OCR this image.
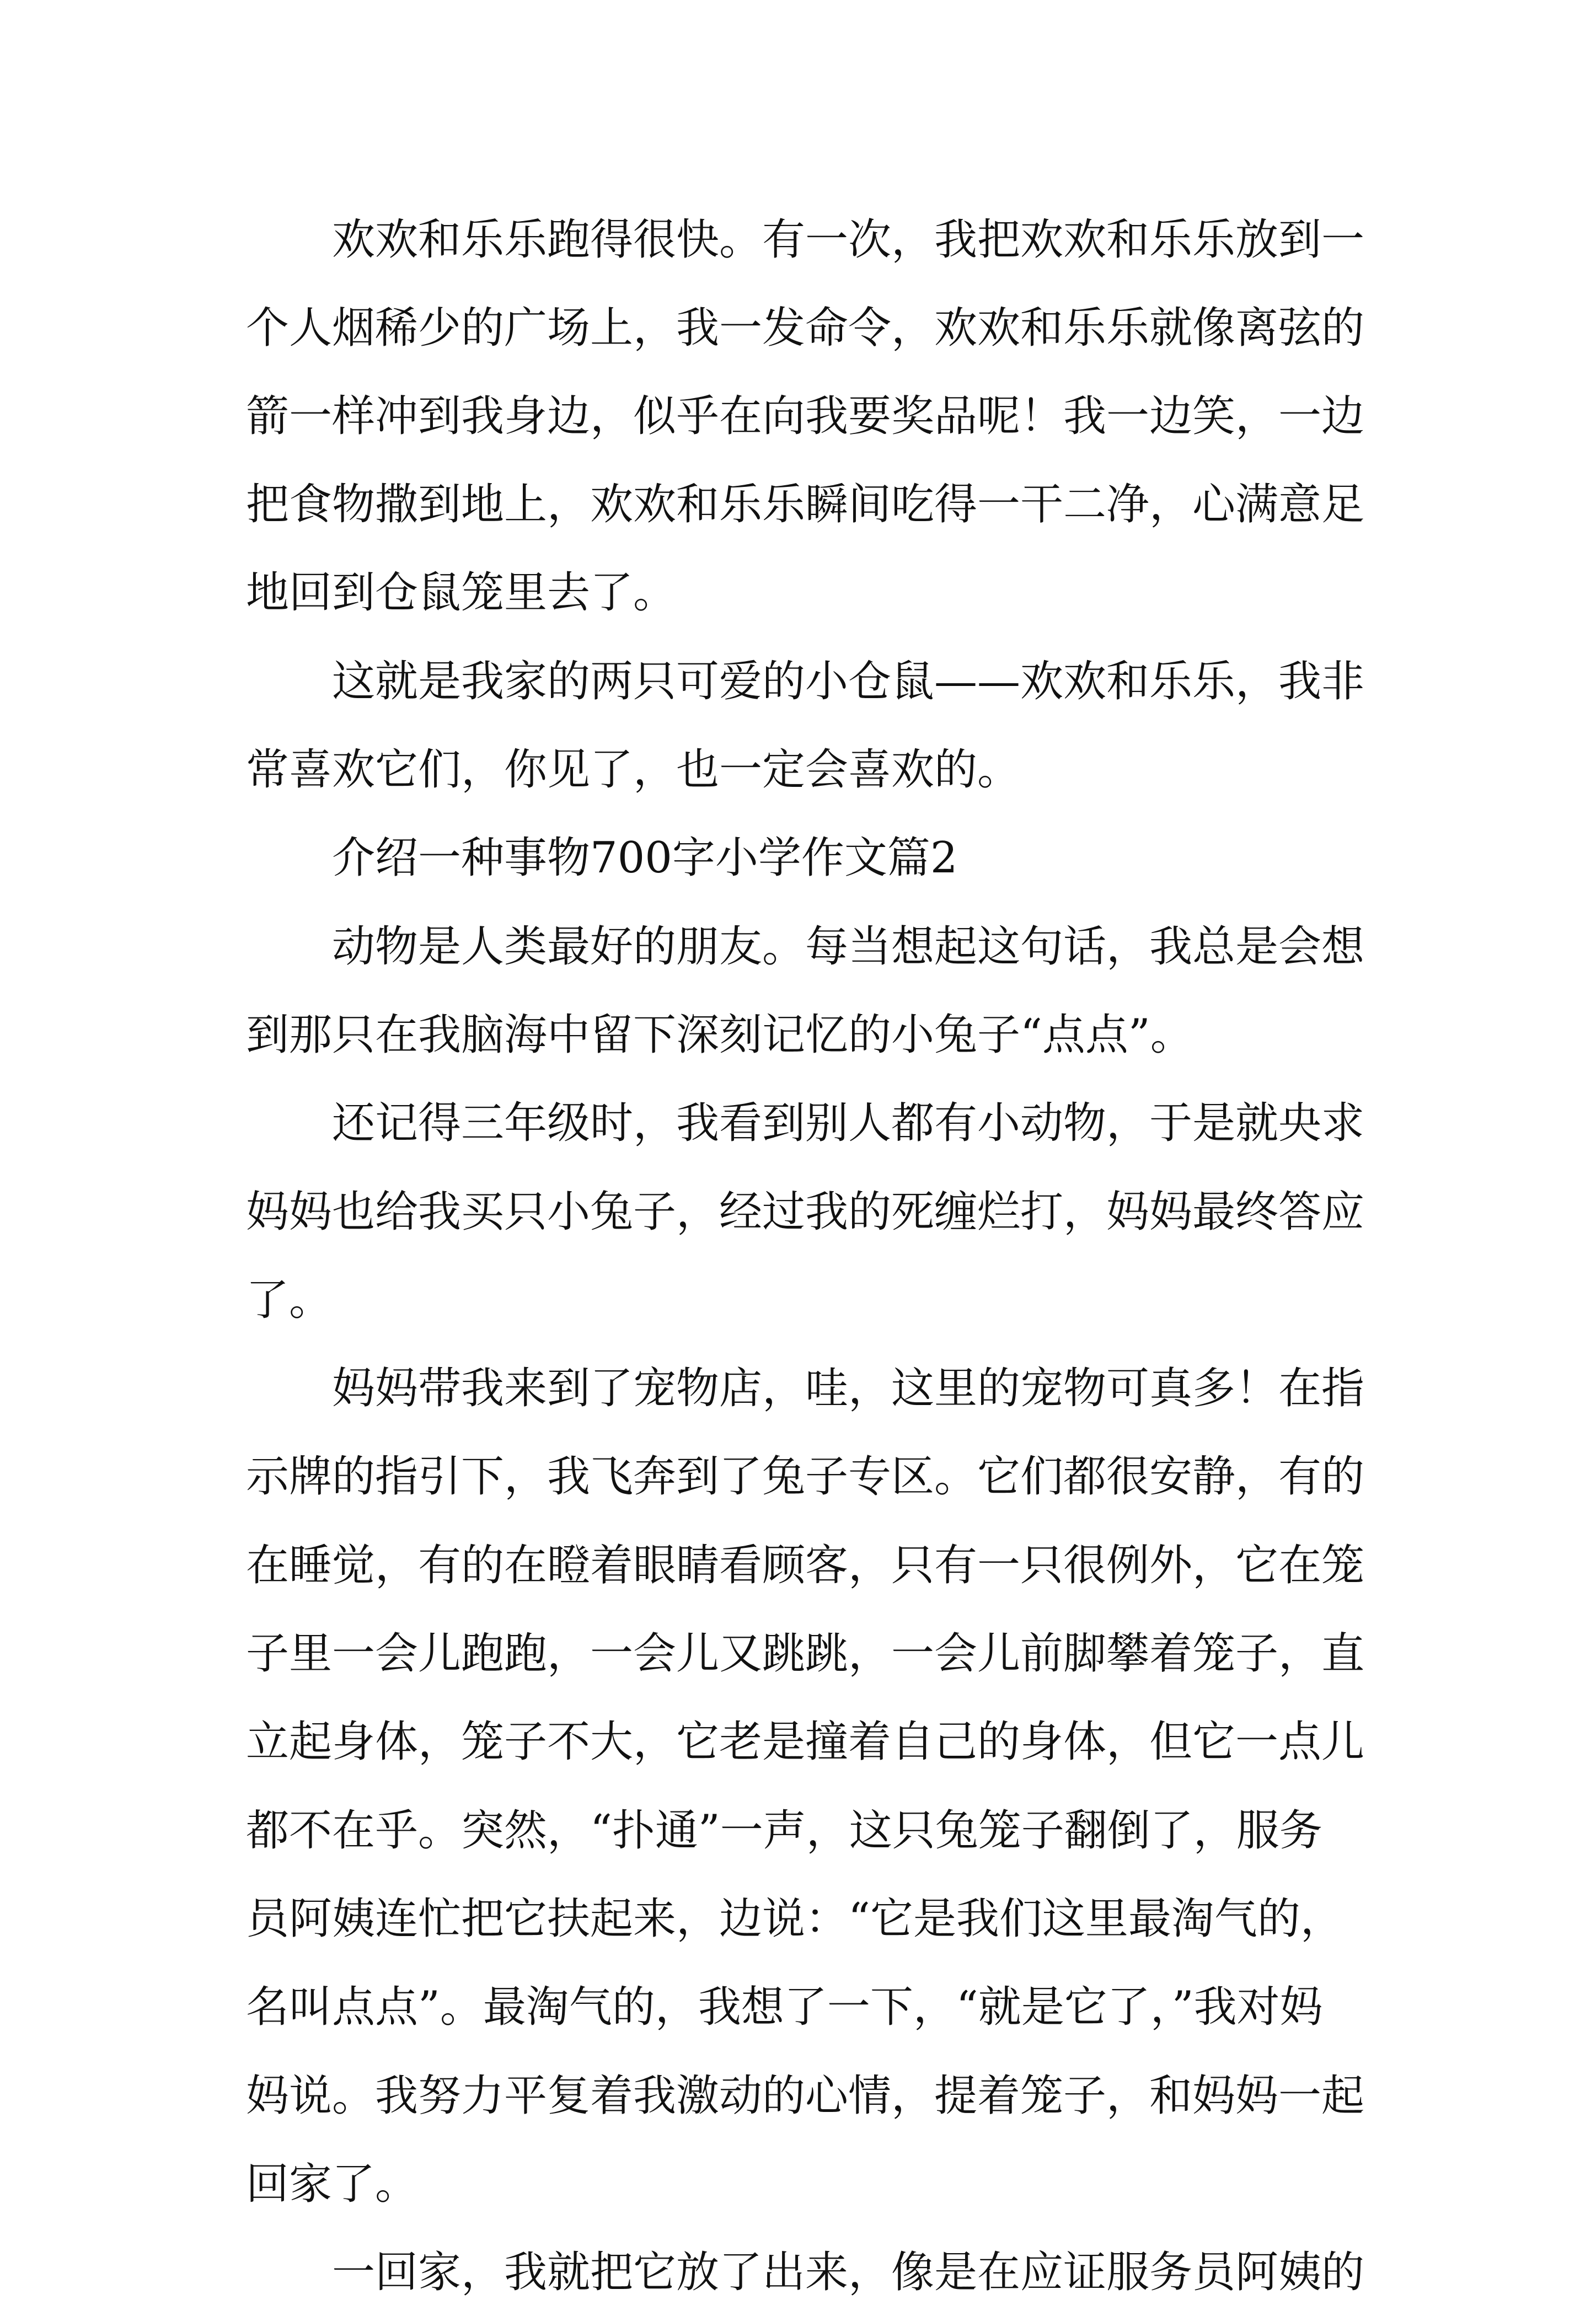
欢欢和乐乐跑得很快。有一次，我把欢欢和乐乐放到一

个人烟稀少的广场上，我一发命令，欢欢和乐乐就像离弦的

箭一样冲到我身边，似乎在向我要奖品呢！我一边笑，一边

把食物撒到地上，欢欢和乐乐瞬间吃得一干二净，心满意足

地回到仓鼠笼里去了。

这就是我家的两只可爱的小仓鼠——欢欢和乐乐，我非

常喜欢它们，你见了，也一定会喜欢的。

介绍一种事物700字小学作文篇2

动物是人类最好的朋友。每当想起这句话，我总是会想

到那只在我脑海中留下深刻记忆的小兔子“点点”。

还记得三年级时，我看到别人都有小动物，于是就央求

妈妈也给我买只小兔子，经过我的死缠烂打，妈妈最终答应

了。

妈妈带我来到了宠物店，哇，这里的宠物可真多！在指

示牌的指引下，我飞奔到了兔子专区。它们都很安静，有的

在睡觉，有的在瞪着眼睛看顾客，只有一只很例外，它在笼

子里一会儿跑跑，一会儿又跳跳，一会儿前脚攀着笼子，直

立起身体，笼子不大，它老是撞着自己的身体，但它一点儿

都不在乎。突然，“扑通”一声，这只兔笼子翻倒了，服务

员阿姨连忙把它扶起来，边说：“它是我们这里最淘气的，

名叫点点”。最淘气的，我想了一下，“就是它了，”我对妈

妈说。我努力平复着我激动的心情，提着笼子，和妈妈一起

回家了。

一回家，我就把它放了出来，像是在应证服务员阿姨的
